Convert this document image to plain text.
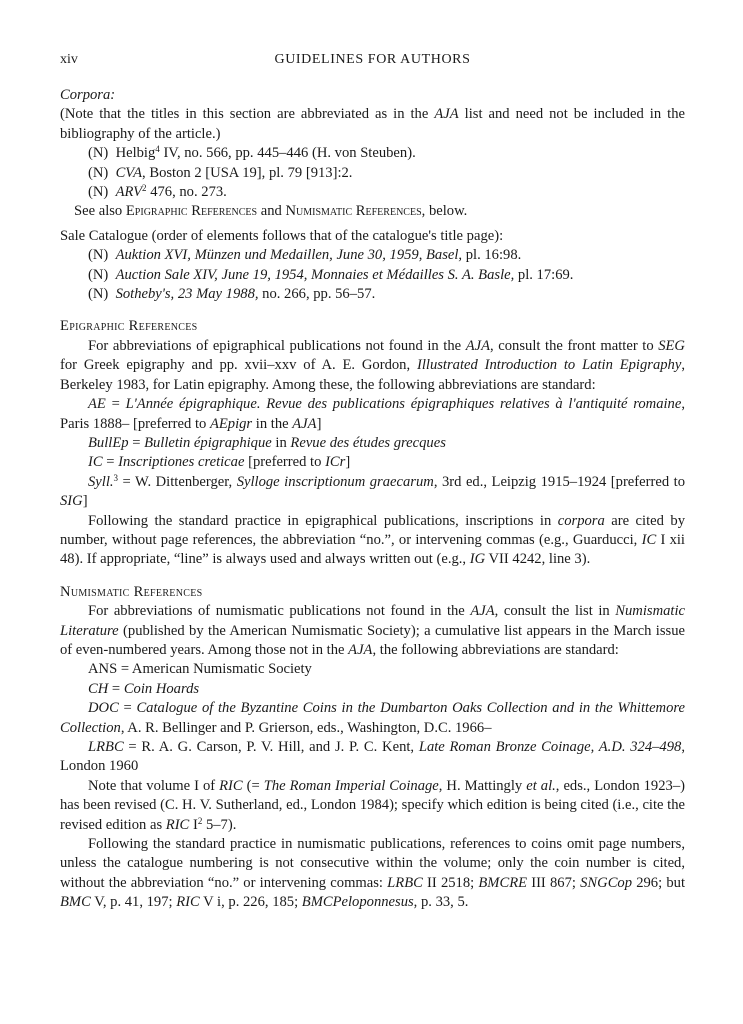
xiv	GUIDELINES FOR AUTHORS

Corpora:

(Note that the titles in this section are abbreviated as in the AJA list and need not be included in the bibliography of the article.)

(N) Helbig$^4$ IV, no. 566, pp. 445–446 (H. von Steuben).

(N) CVA, Boston 2 [USA 19], pl. 79 [913]:2.

(N) ARV$^2$ 476, no. 273.

See also Epigraphic References and Numismatic References, below.

Sale Catalogue (order of elements follows that of the catalogue's title page):

(N) Auktion XVI, Münzen und Medaillen, June 30, 1959, Basel, pl. 16:98.

(N) Auction Sale XIV, June 19, 1954, Monnaies et Médailles S. A. Basle, pl. 17:69.

(N) Sotheby's, 23 May 1988, no. 266, pp. 56–57.

Epigraphic References

For abbreviations of epigraphical publications not found in the AJA, consult the front matter to SEG for Greek epigraphy and pp. xvii–xxv of A. E. Gordon, Illustrated Introduction to Latin Epigraphy, Berkeley 1983, for Latin epigraphy. Among these, the following abbreviations are standard:

AE = L'Année épigraphique. Revue des publications épigraphiques relatives à l'antiquité romaine, Paris 1888– [preferred to AEpigr in the AJA]

BullEp = Bulletin épigraphique in Revue des études grecques

IC = Inscriptiones creticae [preferred to ICr]

Syll.$^3$ = W. Dittenberger, Sylloge inscriptionum graecarum, 3rd ed., Leipzig 1915–1924 [preferred to SIG]

Following the standard practice in epigraphical publications, inscriptions in corpora are cited by number, without page references, the abbreviation “no.”, or intervening commas (e.g., Guarducci, IC I xii 48). If appropriate, “line” is always used and always written out (e.g., IG VII 4242, line 3).

Numismatic References

For abbreviations of numismatic publications not found in the AJA, consult the list in Numismatic Literature (published by the American Numismatic Society); a cumulative list appears in the March issue of even-numbered years. Among those not in the AJA, the following abbreviations are standard:

ANS = American Numismatic Society

CH = Coin Hoards

DOC = Catalogue of the Byzantine Coins in the Dumbarton Oaks Collection and in the Whittemore Collection, A. R. Bellinger and P. Grierson, eds., Washington, D.C. 1966–

LRBC = R. A. G. Carson, P. V. Hill, and J. P. C. Kent, Late Roman Bronze Coinage, A.D. 324–498, London 1960

Note that volume I of RIC (= The Roman Imperial Coinage, H. Mattingly et al., eds., London 1923–) has been revised (C. H. V. Sutherland, ed., London 1984); specify which edition is being cited (i.e., cite the revised edition as RIC $I^2$ 5–7).

Following the standard practice in numismatic publications, references to coins omit page numbers, unless the catalogue numbering is not consecutive within the volume; only the coin number is cited, without the abbreviation “no.” or intervening commas: LRBC II 2518; BMCRE III 867; SNGCop 296; but BMC V, p. 41, 197; RIC V i, p. 226, 185; BMCPeloponnesus, p. 33, 5.
